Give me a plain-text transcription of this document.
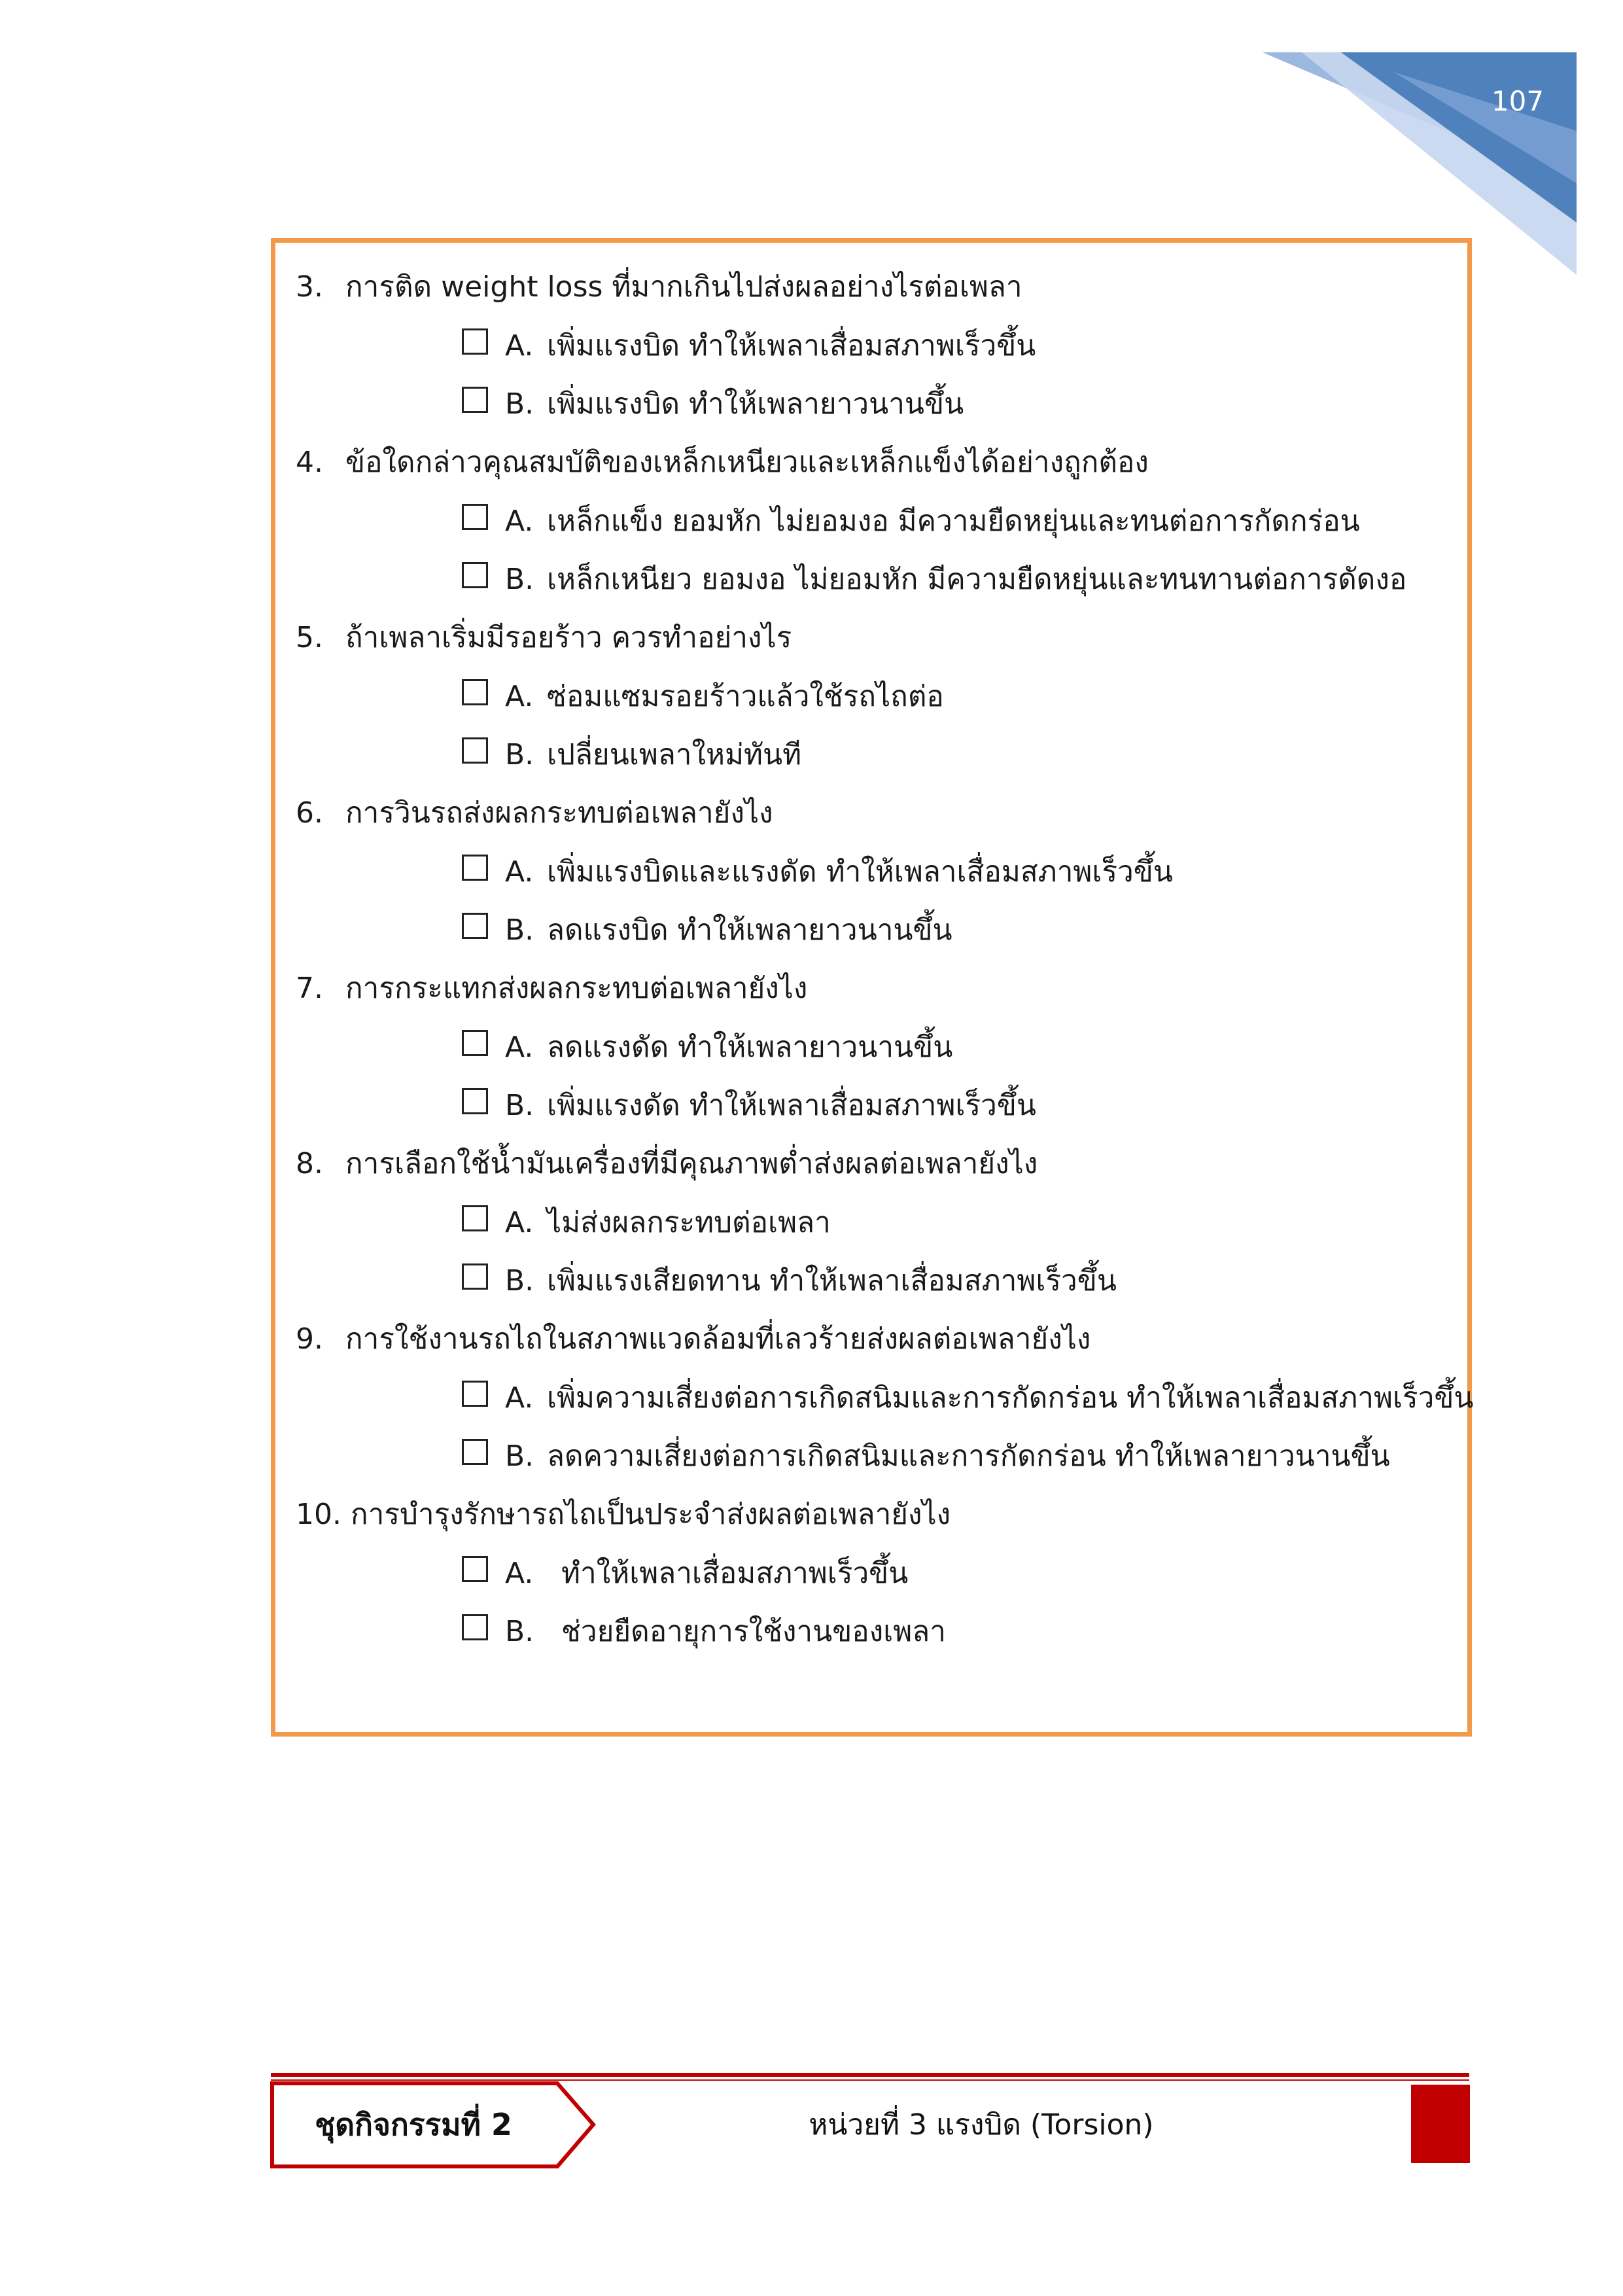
107
3. การติด weight loss ที่มากเกินไปส่งผลอย่างไรต่อเพลา
A. เพิ่มแรงบิด ทำให้เพลาเสื่อมสภาพเร็วขึ้น
B. เพิ่มแรงบิด ทำให้เพลายาวนานขึ้น
4. ข้อใดกล่าวคุณสมบัติของเหล็กเหนียวและเหล็กแข็งได้อย่างถูกต้อง
A. เหล็กแข็ง ยอมหัก ไม่ยอมงอ มีความยืดหยุ่นและทนต่อการกัดกร่อน
B. เหล็กเหนียว ยอมงอ ไม่ยอมหัก มีความยืดหยุ่นและทนทานต่อการดัดงอ
5. ถ้าเพลาเริ่มมีรอยร้าว ควรทำอย่างไร
A. ซ่อมแซมรอยร้าวแล้วใช้รถไถต่อ
B. เปลี่ยนเพลาใหม่ทันที
6. การวินรถส่งผลกระทบต่อเพลายังไง
A. เพิ่มแรงบิดและแรงดัด ทำให้เพลาเสื่อมสภาพเร็วขึ้น
B. ลดแรงบิด ทำให้เพลายาวนานขึ้น
7. การกระแทกส่งผลกระทบต่อเพลายังไง
A. ลดแรงดัด ทำให้เพลายาวนานขึ้น
B. เพิ่มแรงดัด ทำให้เพลาเสื่อมสภาพเร็วขึ้น
8. การเลือกใช้น้ำมันเครื่องที่มีคุณภาพต่ำส่งผลต่อเพลายังไง
A. ไม่ส่งผลกระทบต่อเพลา
B. เพิ่มแรงเสียดทาน ทำให้เพลาเสื่อมสภาพเร็วขึ้น
9. การใช้งานรถไถในสภาพแวดล้อมที่เลวร้ายส่งผลต่อเพลายังไง
A. เพิ่มความเสี่ยงต่อการเกิดสนิมและการกัดกร่อน ทำให้เพลาเสื่อมสภาพเร็วขึ้น
B. ลดความเสี่ยงต่อการเกิดสนิมและการกัดกร่อน ทำให้เพลายาวนานขึ้น
10. การบำรุงรักษารถไถเป็นประจำส่งผลต่อเพลายังไง
A. ทำให้เพลาเสื่อมสภาพเร็วขึ้น
B. ช่วยยืดอายุการใช้งานของเพลา
ชุดกิจกรรมที่ 2	หน่วยที่ 3 แรงบิด (Torsion)
